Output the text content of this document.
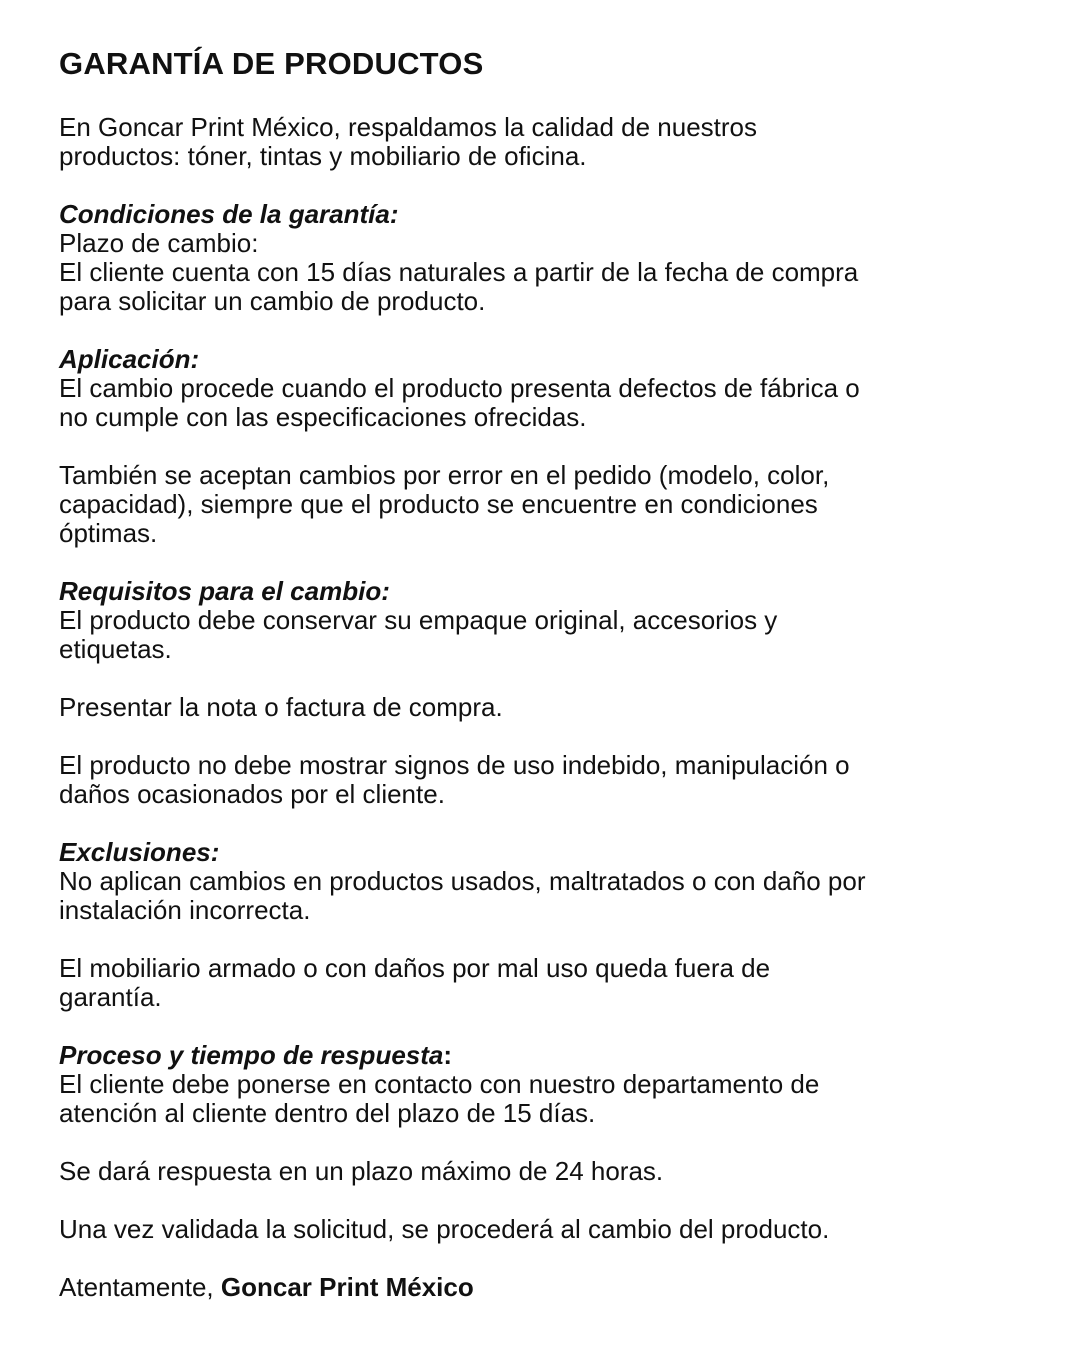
GARANTÍA DE PRODUCTOS
En Goncar Print México, respaldamos la calidad de nuestros
productos: tóner, tintas y mobiliario de oficina.
Condiciones de la garantía:
Plazo de cambio:
El cliente cuenta con 15 días naturales a partir de la fecha de compra
para solicitar un cambio de producto.
Aplicación:
El cambio procede cuando el producto presenta defectos de fábrica o
no cumple con las especificaciones ofrecidas.
También se aceptan cambios por error en el pedido (modelo, color,
capacidad), siempre que el producto se encuentre en condiciones
óptimas.
Requisitos para el cambio:
El producto debe conservar su empaque original, accesorios y
etiquetas.
Presentar la nota o factura de compra.
El producto no debe mostrar signos de uso indebido, manipulación o
daños ocasionados por el cliente.
Exclusiones:
No aplican cambios en productos usados, maltratados o con daño por
instalación incorrecta.
El mobiliario armado o con daños por mal uso queda fuera de
garantía.
Proceso y tiempo de respuesta:
El cliente debe ponerse en contacto con nuestro departamento de
atención al cliente dentro del plazo de 15 días.
Se dará respuesta en un plazo máximo de 24 horas.
Una vez validada la solicitud, se procederá al cambio del producto.
Atentamente, Goncar Print México
